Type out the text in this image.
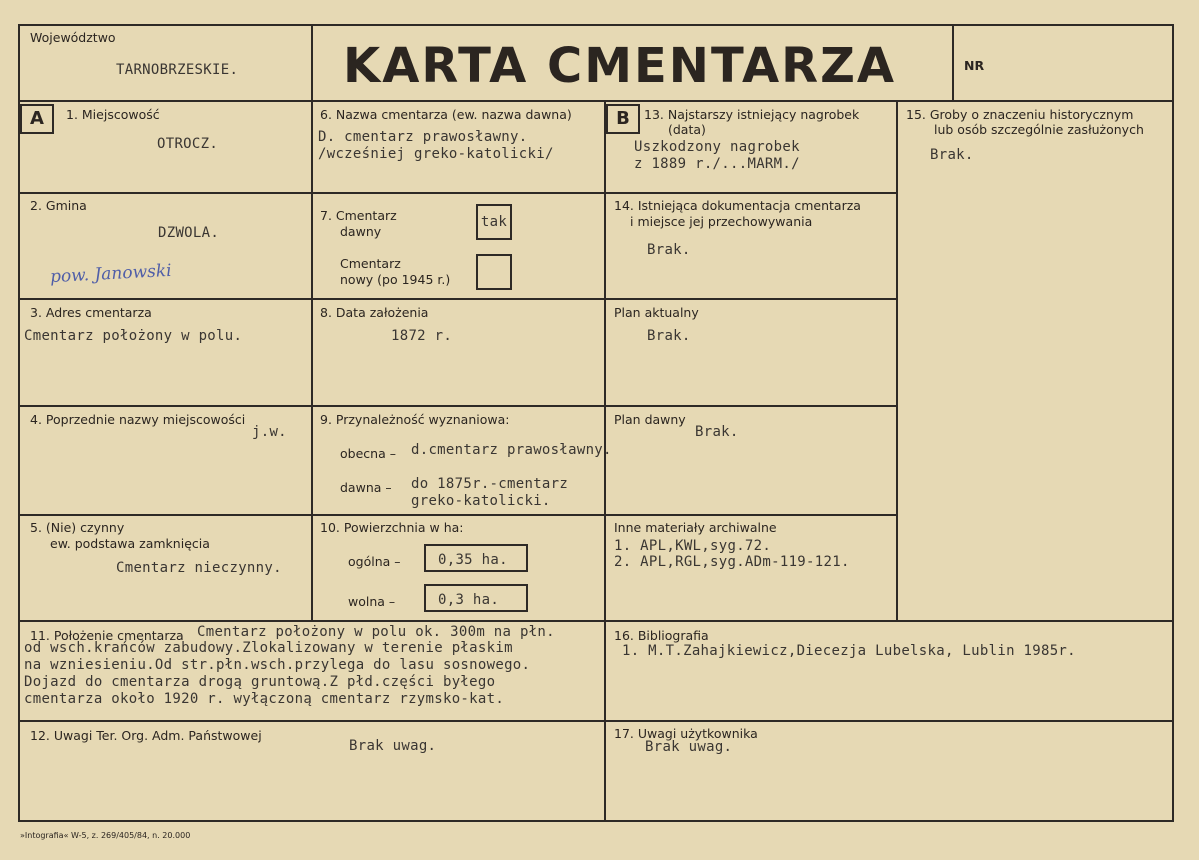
Województwo
TARNOBRZESKIE. KARTA CMENTARZA	NR
A	B
1. Miejscowość
OTROCZ.
2. Gmina
DZWOLA.
pow. Janowski
3. Adres cmentarza
Cmentarz położony w polu.
4. Poprzednie nazwy miejscowości
j.w.
5. (Nie) czynny
ew. podstawa zamknięcia
Cmentarz nieczynny.
6. Nazwa cmentarza (ew. nazwa dawna)
D. cmentarz prawosławny.
/wcześniej greko-katolicki/
7. Cmentarz
dawny
tak
Cmentarz
nowy (po 1945 r.)
8. Data założenia
1872 r.
9. Przynależność wyznaniowa:
obecna – d.cmentarz prawosławny.
dawna – do 1875r.-cmentarz
greko-katolicki.
10. Powierzchnia w ha:
ogólna –	0,35 ha.
wolna –	0,3 ha.
11. Położenie cmentarza Cmentarz położony w polu ok. 300m na płn.
od wsch.krańców zabudowy.Zlokalizowany w terenie płaskim
na wzniesieniu.Od str.płn.wsch.przylega do lasu sosnowego.
Dojazd do cmentarza drogą gruntową.Z płd.części byłego
cmentarza około 1920 r. wyłączoną cmentarz rzymsko-kat.
12. Uwagi Ter. Org. Adm. Państwowej
Brak uwag.
13. Najstarszy istniejący nagrobek
(data)
Uszkodzony nagrobek
z 1889 r./...MARM./
14. Istniejąca dokumentacja cmentarza
i miejsce jej przechowywania
Brak.
Plan aktualny
Brak.
Plan dawny
Brak.
Inne materiały archiwalne
1. APL,KWL,syg.72.
2. APL,RGL,syg.ADm-119-121.
15. Groby o znaczeniu historycznym
lub osób szczególnie zasłużonych
Brak.
16. Bibliografia
1. M.T.Zahajkiewicz,Diecezja Lubelska, Lublin 1985r.
17. Uwagi użytkownika
Brak uwag.
»Intografia« W-5, z. 269/405/84, n. 20.000
